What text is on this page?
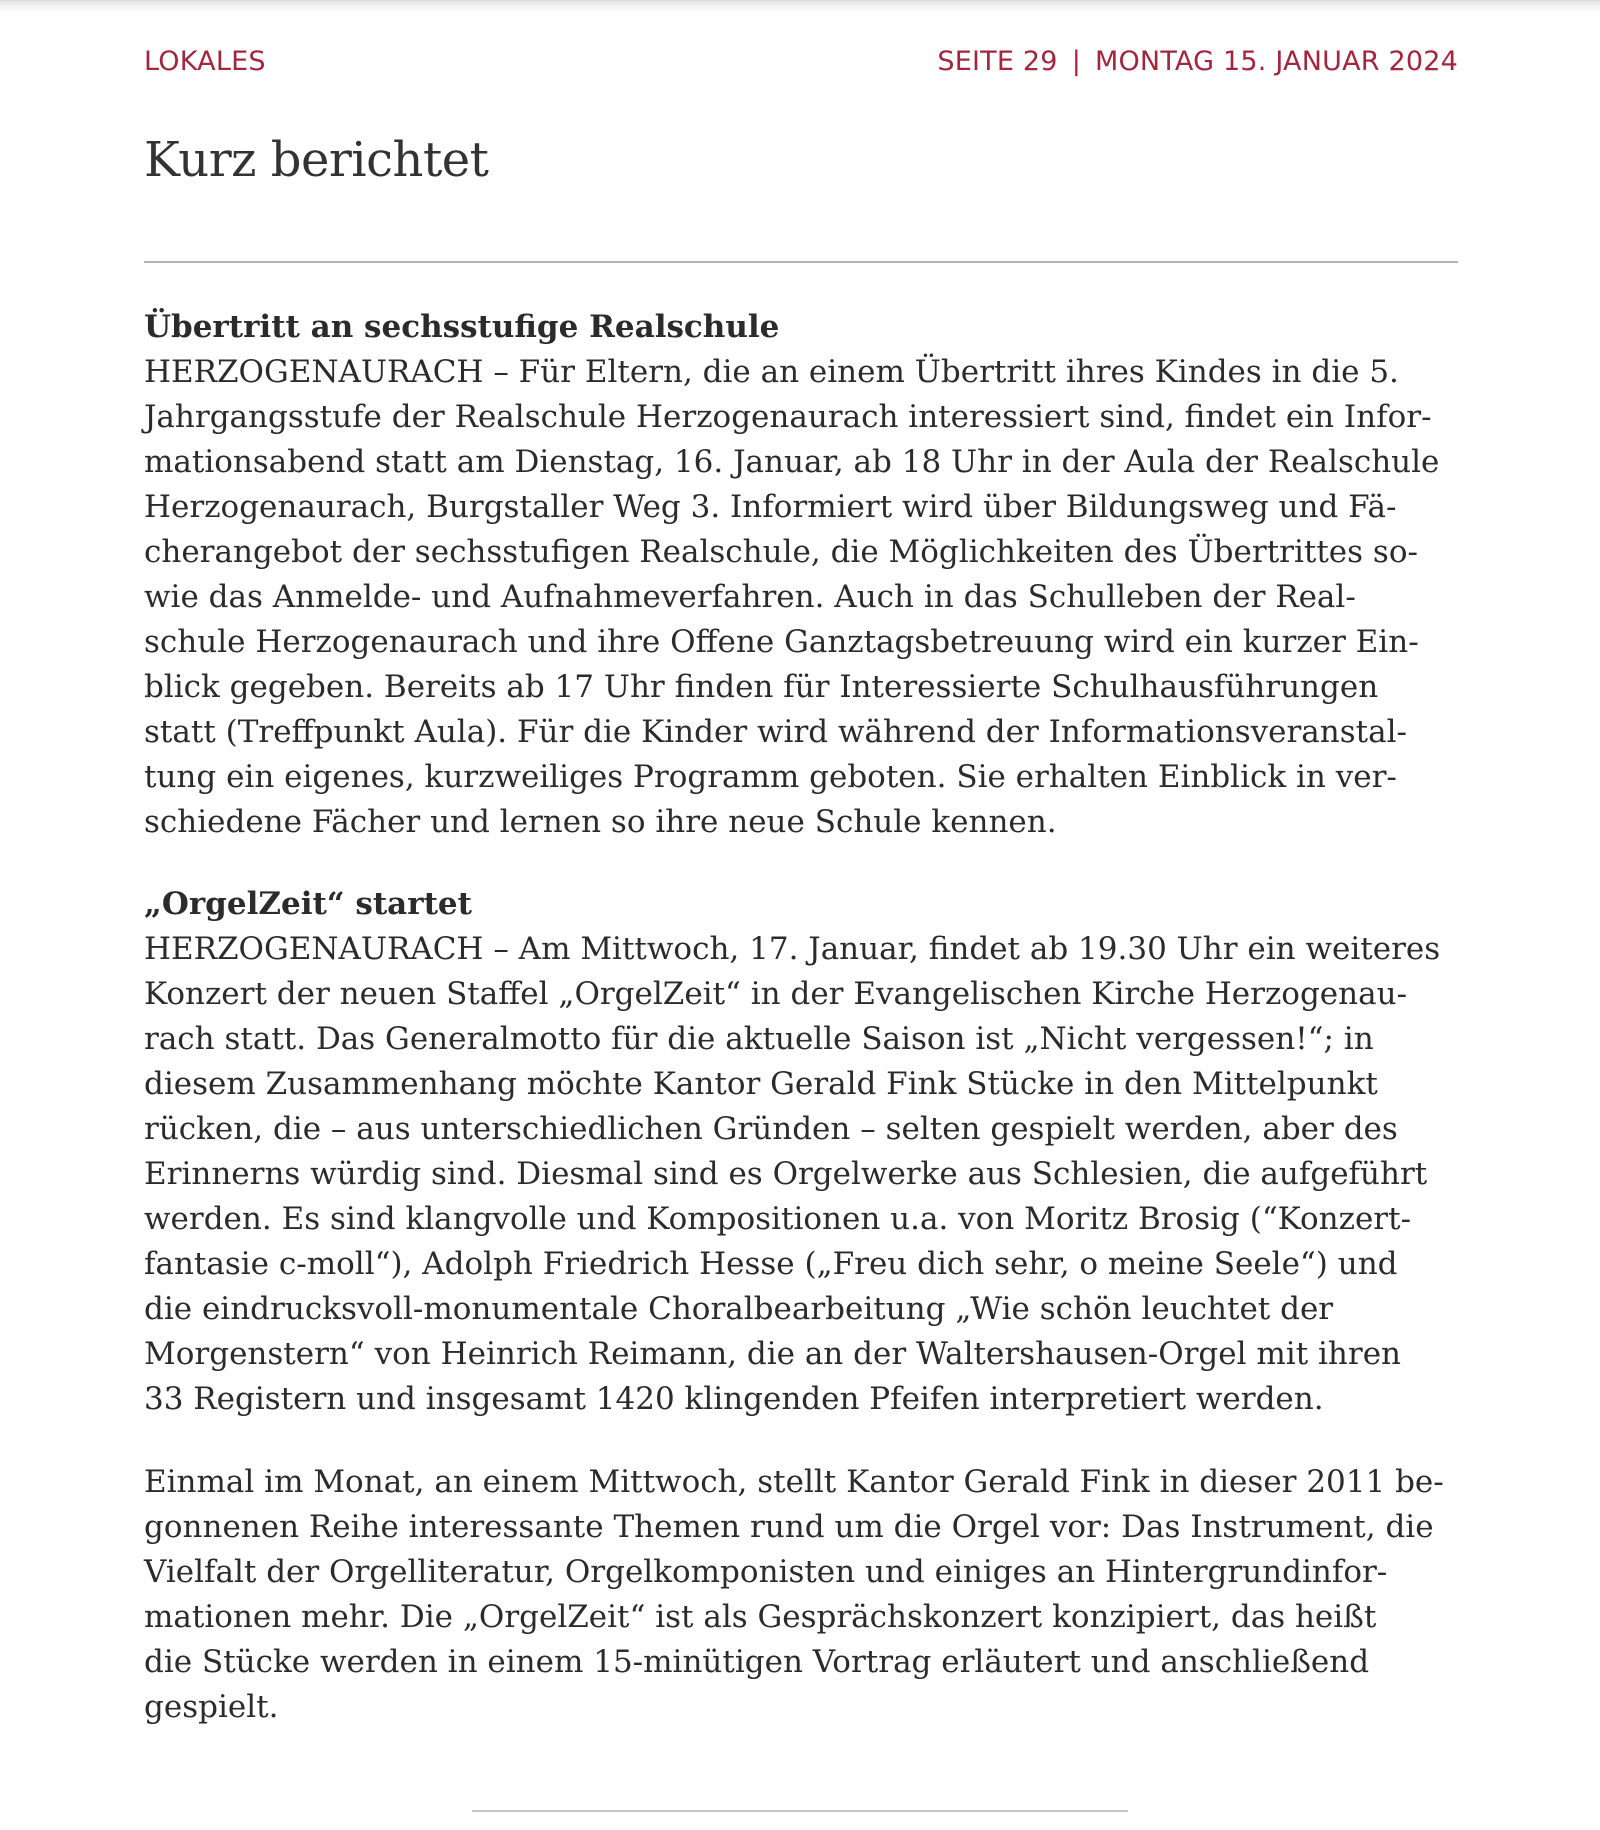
LOKALES	SEITE 29 | MONTAG 15. JANUAR 2024
Kurz berichtet
Übertritt an sechsstufige Realschule

HERZOGENAURACH – Für Eltern, die an einem Übertritt ihres Kindes in die 5.
Jahrgangsstufe der Realschule Herzogenaurach interessiert sind, findet ein Infor-
mationsabend statt am Dienstag, 16. Januar, ab 18 Uhr in der Aula der Realschule
Herzogenaurach, Burgstaller Weg 3. Informiert wird über Bildungsweg und Fä-
cherangebot der sechsstufigen Realschule, die Möglichkeiten des Übertrittes so-
wie das Anmelde- und Aufnahmeverfahren. Auch in das Schulleben der Real-
schule Herzogenaurach und ihre Offene Ganztagsbetreuung wird ein kurzer Ein-
blick gegeben. Bereits ab 17 Uhr finden für Interessierte Schulhausführungen
statt (Treffpunkt Aula). Für die Kinder wird während der Informationsveranstal-
tung ein eigenes, kurzweiliges Programm geboten. Sie erhalten Einblick in ver-
schiedene Fächer und lernen so ihre neue Schule kennen.

„OrgelZeit“ startet

HERZOGENAURACH – Am Mittwoch, 17. Januar, findet ab 19.30 Uhr ein weiteres
Konzert der neuen Staffel „OrgelZeit“ in der Evangelischen Kirche Herzogenau-
rach statt. Das Generalmotto für die aktuelle Saison ist „Nicht vergessen!“; in
diesem Zusammenhang möchte Kantor Gerald Fink Stücke in den Mittelpunkt
rücken, die – aus unterschiedlichen Gründen – selten gespielt werden, aber des
Erinnerns würdig sind. Diesmal sind es Orgelwerke aus Schlesien, die aufgeführt
werden. Es sind klangvolle und Kompositionen u.a. von Moritz Brosig (“Konzert-
fantasie c-moll“), Adolph Friedrich Hesse („Freu dich sehr, o meine Seele“) und
die eindrucksvoll-monumentale Choralbearbeitung „Wie schön leuchtet der
Morgenstern“ von Heinrich Reimann, die an der Waltershausen-Orgel mit ihren
33 Registern und insgesamt 1420 klingenden Pfeifen interpretiert werden.

Einmal im Monat, an einem Mittwoch, stellt Kantor Gerald Fink in dieser 2011 be-
gonnenen Reihe interessante Themen rund um die Orgel vor: Das Instrument, die
Vielfalt der Orgelliteratur, Orgelkomponisten und einiges an Hintergrundinfor-
mationen mehr. Die „OrgelZeit“ ist als Gesprächskonzert konzipiert, das heißt
die Stücke werden in einem 15-minütigen Vortrag erläutert und anschließend
gespielt.
